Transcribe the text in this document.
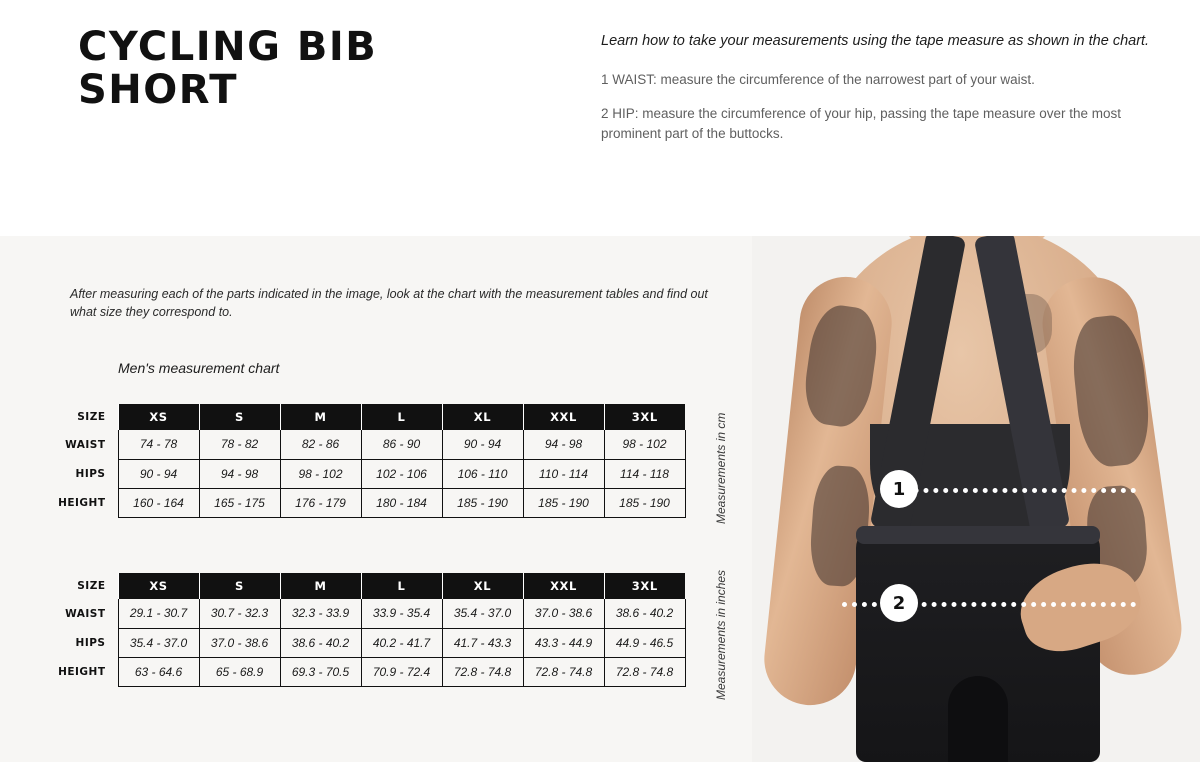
CYCLING BIB SHORT

Learn how to take your measurements using the tape measure as shown in the chart.

1 WAIST: measure the circumference of the narrowest part of your waist.

2 HIP: measure the circumference of your hip, passing the tape measure over the most prominent part of the buttocks.

After measuring each of the parts indicated in the image, look at the chart with the measurement tables and find out what size they correspond to.
Men's measurement chart
SIZE	XS	S	M	L	XL	XXL	3XL
WAIST	74 - 78	78 - 82	82 - 86	86 - 90	90 - 94	94 - 98	98 - 102
HIPS	90 - 94	94 - 98	98 - 102	102 - 106	106 - 110	110 - 114	114 - 118
HEIGHT	160 - 164	165 - 175	176 - 179	180 - 184	185 - 190	185 - 190	185 - 190
SIZE	XS	S	M	L	XL	XXL	3XL
WAIST	29.1 - 30.7	30.7 - 32.3	32.3 - 33.9	33.9 - 35.4	35.4 - 37.0	37.0 - 38.6	38.6 - 40.2
HIPS	35.4 - 37.0	37.0 - 38.6	38.6 - 40.2	40.2 - 41.7	41.7 - 43.3	43.3 - 44.9	44.9 - 46.5
HEIGHT	63 - 64.6	65 - 68.9	69.3 - 70.5	70.9 - 72.4	72.8 - 74.8	72.8 - 74.8	72.8 - 74.8
Measurements in cm
Measurements in inches
1
2
